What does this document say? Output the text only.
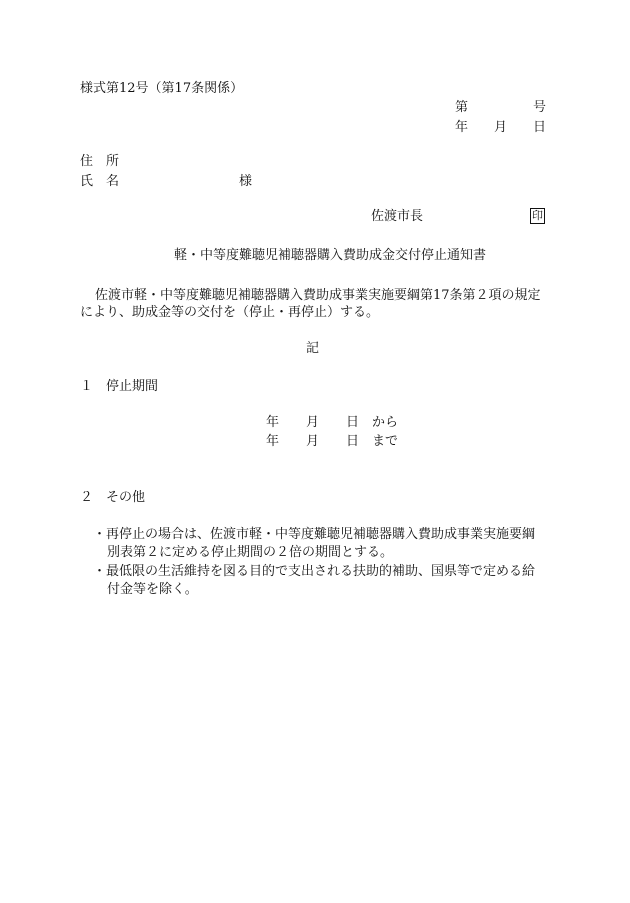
様式第12号（第17条関係）
第	号
年 月 日
住　所
氏　名	様
佐渡市長	印
軽・中等度難聴児補聴器購入費助成金交付停止通知書
佐渡市軽・中等度難聴児補聴器購入費助成事業実施要綱第17条第２項の規定
により、助成金等の交付を（停止・再停止）する。
記
１ 停止期間
年 月 日 から
年 月 日 まで
２ その他
・再停止の場合は、佐渡市軽・中等度難聴児補聴器購入費助成事業実施要綱
別表第２に定める停止期間の２倍の期間とする。
・最低限の生活維持を図る目的で支出される扶助的補助、国県等で定める給
付金等を除く。
